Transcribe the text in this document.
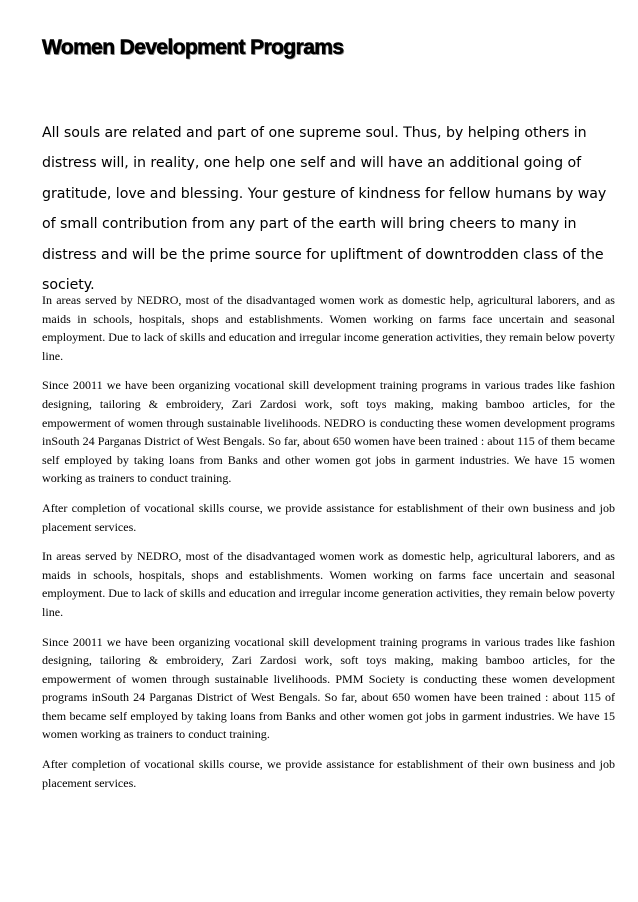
Women Development Programs

All souls are related and part of one supreme soul. Thus, by helping others in distress will, in reality, one help one self and will have an additional going of gratitude, love and blessing. Your gesture of kindness for fellow humans by way of small contribution from any part of the earth will bring cheers to many in distress and will be the prime source for upliftment of downtrodden class of the society.

In areas served by NEDRO, most of the disadvantaged women work as domestic help, agricultural laborers, and as maids in schools, hospitals, shops and establishments. Women working on farms face uncertain and seasonal employment. Due to lack of skills and education and irregular income generation activities, they remain below poverty line.

Since 20011 we have been organizing vocational skill development training programs in various trades like fashion designing, tailoring & embroidery, Zari Zardosi work, soft toys making, making bamboo articles, for the empowerment of women through sustainable livelihoods. NEDRO is conducting these women development programs inSouth 24 Parganas District of West Bengals. So far, about 650 women have been trained : about 115 of them became self employed by taking loans from Banks and other women got jobs in garment industries. We have 15 women working as trainers to conduct training.

After completion of vocational skills course, we provide assistance for establishment of their own business and job placement services.

In areas served by NEDRO, most of the disadvantaged women work as domestic help, agricultural laborers, and as maids in schools, hospitals, shops and establishments. Women working on farms face uncertain and seasonal employment. Due to lack of skills and education and irregular income generation activities, they remain below poverty line.

Since 20011 we have been organizing vocational skill development training programs in various trades like fashion designing, tailoring & embroidery, Zari Zardosi work, soft toys making, making bamboo articles, for the empowerment of women through sustainable livelihoods. PMM Society is conducting these women development programs inSouth 24 Parganas District of West Bengals. So far, about 650 women have been trained : about 115 of them became self employed by taking loans from Banks and other women got jobs in garment industries. We have 15 women working as trainers to conduct training.

After completion of vocational skills course, we provide assistance for establishment of their own business and job placement services.
